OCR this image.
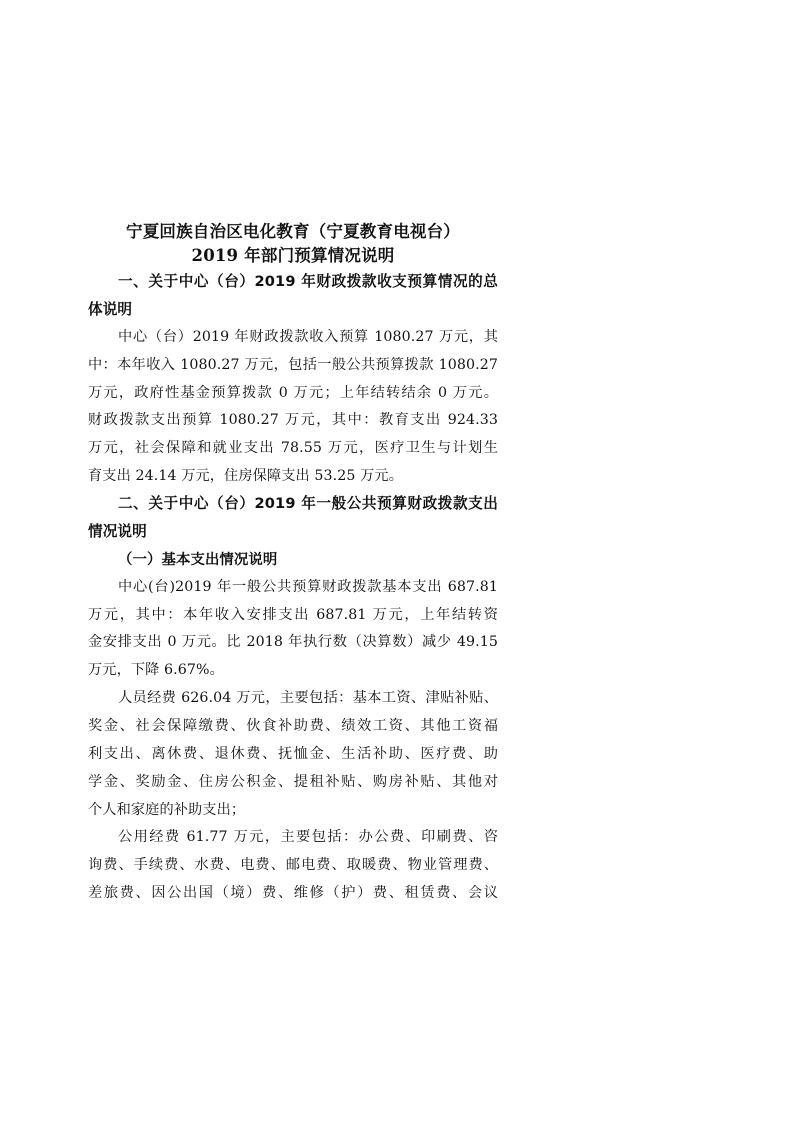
宁夏回族自治区电化教育（宁夏教育电视台）
2019 年部门预算情况说明
一、关于中心（台）2019 年财政拨款收支预算情况的总
体说明
中心（台）2019 年财政拨款收入预算 1080.27 万元，其
中：本年收入 1080.27 万元，包括一般公共预算拨款 1080.27
万元，政府性基金预算拨款 0 万元；上年结转结余 0 万元。
财政拨款支出预算 1080.27 万元，其中：教育支出 924.33
万元，社会保障和就业支出 78.55 万元，医疗卫生与计划生
育支出 24.14 万元，住房保障支出 53.25 万元。
二、关于中心（台）2019 年一般公共预算财政拨款支出
情况说明
（一）基本支出情况说明
中心(台)2019 年一般公共预算财政拨款基本支出 687.81
万元，其中：本年收入安排支出 687.81 万元，上年结转资
金安排支出 0 万元。比 2018 年执行数（决算数）减少 49.15
万元，下降 6.67%。
人员经费 626.04 万元，主要包括：基本工资、津贴补贴、
奖金、社会保障缴费、伙食补助费、绩效工资、其他工资福
利支出、离休费、退休费、抚恤金、生活补助、医疗费、助
学金、奖励金、住房公积金、提租补贴、购房补贴、其他对
个人和家庭的补助支出；
公用经费 61.77 万元，主要包括：办公费、印刷费、咨
询费、手续费、水费、电费、邮电费、取暖费、物业管理费、
差旅费、因公出国（境）费、维修（护）费、租赁费、会议
